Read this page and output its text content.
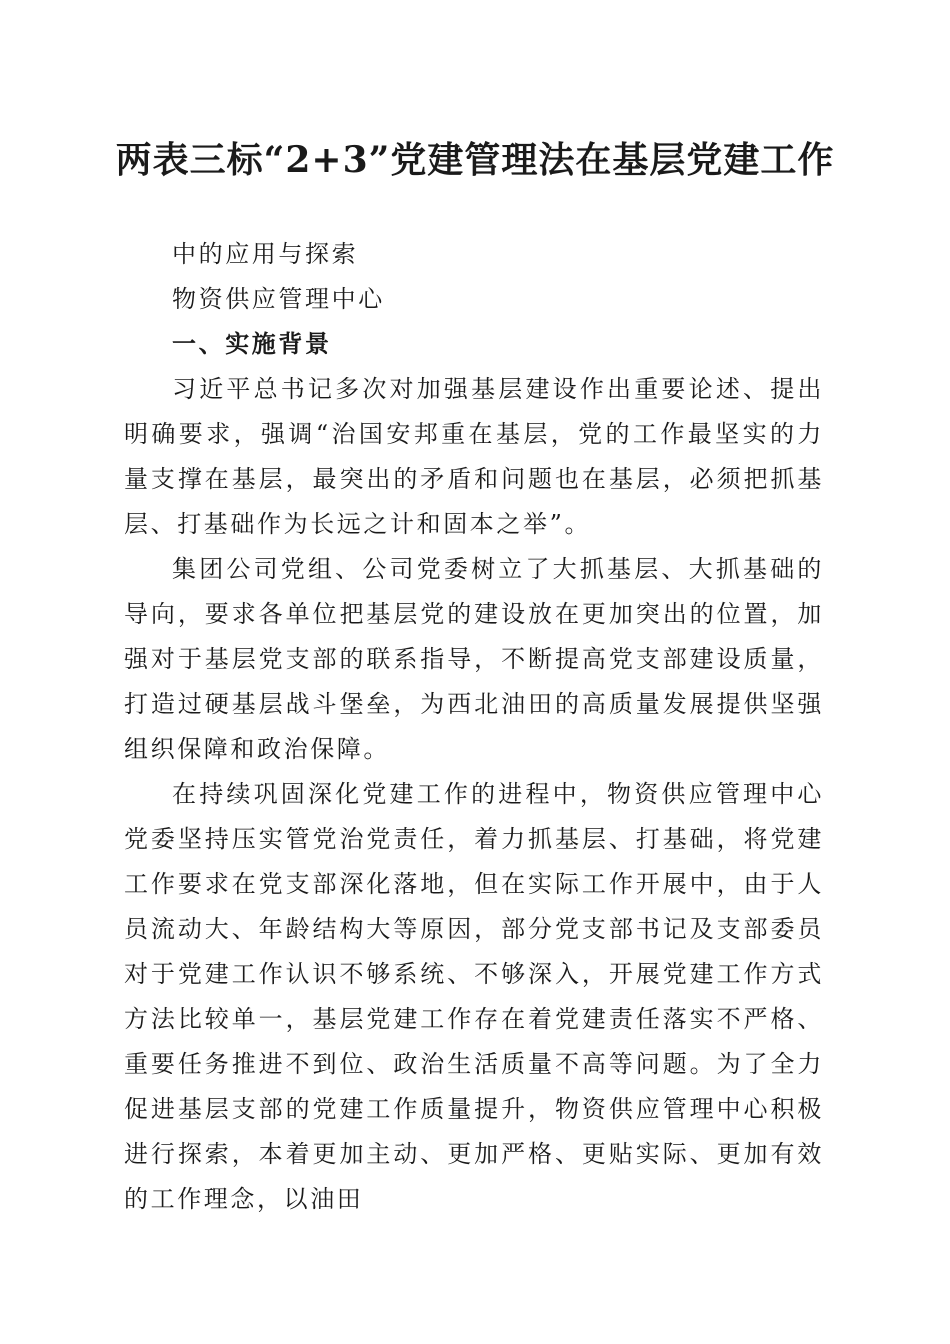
两表三标“2+3”党建管理法在基层党建工作

中的应用与探索

物资供应管理中心

一、实施背景

习近平总书记多次对加强基层建设作出重要论述、提出明确要求，强调“治国安邦重在基层，党的工作最坚实的力量支撑在基层，最突出的矛盾和问题也在基层，必须把抓基层、打基础作为长远之计和固本之举”。

集团公司党组、公司党委树立了大抓基层、大抓基础的导向，要求各单位把基层党的建设放在更加突出的位置，加强对于基层党支部的联系指导，不断提高党支部建设质量，打造过硬基层战斗堡垒，为西北油田的高质量发展提供坚强组织保障和政治保障。

在持续巩固深化党建工作的进程中，物资供应管理中心党委坚持压实管党治党责任，着力抓基层、打基础，将党建工作要求在党支部深化落地，但在实际工作开展中，由于人员流动大、年龄结构大等原因，部分党支部书记及支部委员对于党建工作认识不够系统、不够深入，开展党建工作方式方法比较单一，基层党建工作存在着党建责任落实不严格、重要任务推进不到位、政治生活质量不高等问题。为了全力促进基层支部的党建工作质量提升，物资供应管理中心积极进行探索，本着更加主动、更加严格、更贴实际、更加有效的工作理念，以油田
